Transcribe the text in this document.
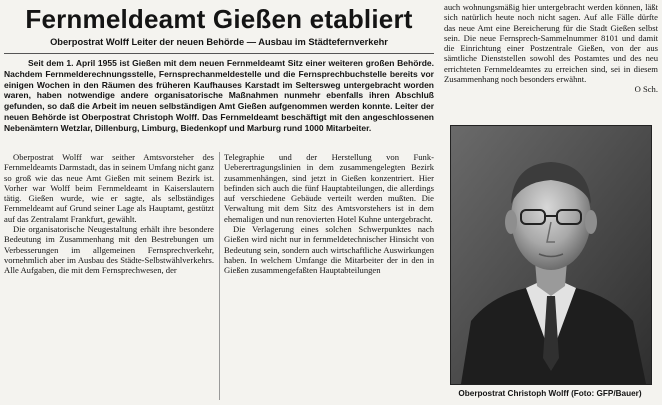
Fernmeldeamt Gießen etabliert
Oberpostrat Wolff Leiter der neuen Behörde — Ausbau im Städtefernverkehr

Seit dem 1. April 1955 ist Gießen mit dem neuen Fernmeldeamt Sitz einer weiteren großen Behörde. Nachdem Fernmelderechnungsstelle, Fernsprechanmeldestelle und die Fernsprechbuchstelle bereits vor einigen Wochen in den Räumen des früheren Kaufhauses Karstadt im Seltersweg untergebracht worden waren, haben notwendige andere organisatorische Maßnahmen nunmehr ebenfalls ihren Abschluß gefunden, so daß die Arbeit im neuen selbständigen Amt Gießen aufgenommen werden konnte. Leiter der neuen Behörde ist Oberpostrat Christoph Wolff. Das Fernmeldeamt beschäftigt mit den angeschlossenen Nebenämtern Wetzlar, Dillenburg, Limburg, Biedenkopf und Marburg rund 1000 Mitarbeiter.

Oberpostrat Wolff war seither Amtsvorsteher des Fernmeldeamts Darmstadt, das in seinem Umfang nicht ganz so groß wie das neue Amt Gießen mit seinem Bezirk ist. Vorher war Wolff beim Fernmeldeamt in Kaiserslautern tätig. Gießen wurde, wie er sagte, als selbständiges Fernmeldeamt auf Grund seiner Lage als Hauptamt, gestützt auf das Zentralamt Frankfurt, gewählt.

Die organisatorische Neugestaltung erhält ihre besondere Bedeutung im Zusammenhang mit den Bestrebungen um Verbesserungen im allgemeinen Fernsprechverkehr, vornehmlich aber im Ausbau des Städte-Selbstwählverkehrs. Alle Aufgaben, die mit dem Fernsprechwesen, der

Telegraphie und der Herstellung von Funk-Ueberertragungslinien in dem zusammengelegten Bezirk zusammenhängen, sind jetzt in Gießen konzentriert. Hier befinden sich auch die fünf Hauptabteilungen, die allerdings auf verschiedene Gebäude verteilt werden mußten. Die Verwaltung mit dem Sitz des Amtsvorstehers ist in dem ehemaligen und nun renovierten Hotel Kuhne untergebracht.

Die Verlagerung eines solchen Schwerpunktes nach Gießen wird nicht nur in fernmeldetechnischer Hinsicht von Bedeutung sein, sondern auch wirtschaftliche Auswirkungen haben. In welchem Umfange die Mitarbeiter der in den in Gießen zusammengefaßten Hauptabteilungen

auch wohnungsmäßig hier untergebracht werden können, läßt sich natürlich heute noch nicht sagen. Auf alle Fälle dürfte das neue Amt eine Bereicherung für die Stadt Gießen selbst sein. Die neue Fernsprech-Sammelnummer 8101 und damit die Einrichtung einer Postzentrale Gießen, von der aus sämtliche Dienststellen sowohl des Postamtes und des neu errichteten Fernmeldeamtes zu erreichen sind, sei in diesem Zusammenhang noch besonders erwähnt.
O Sch.

Oberpostrat Christoph Wolff (Foto: GFP/Bauer)
